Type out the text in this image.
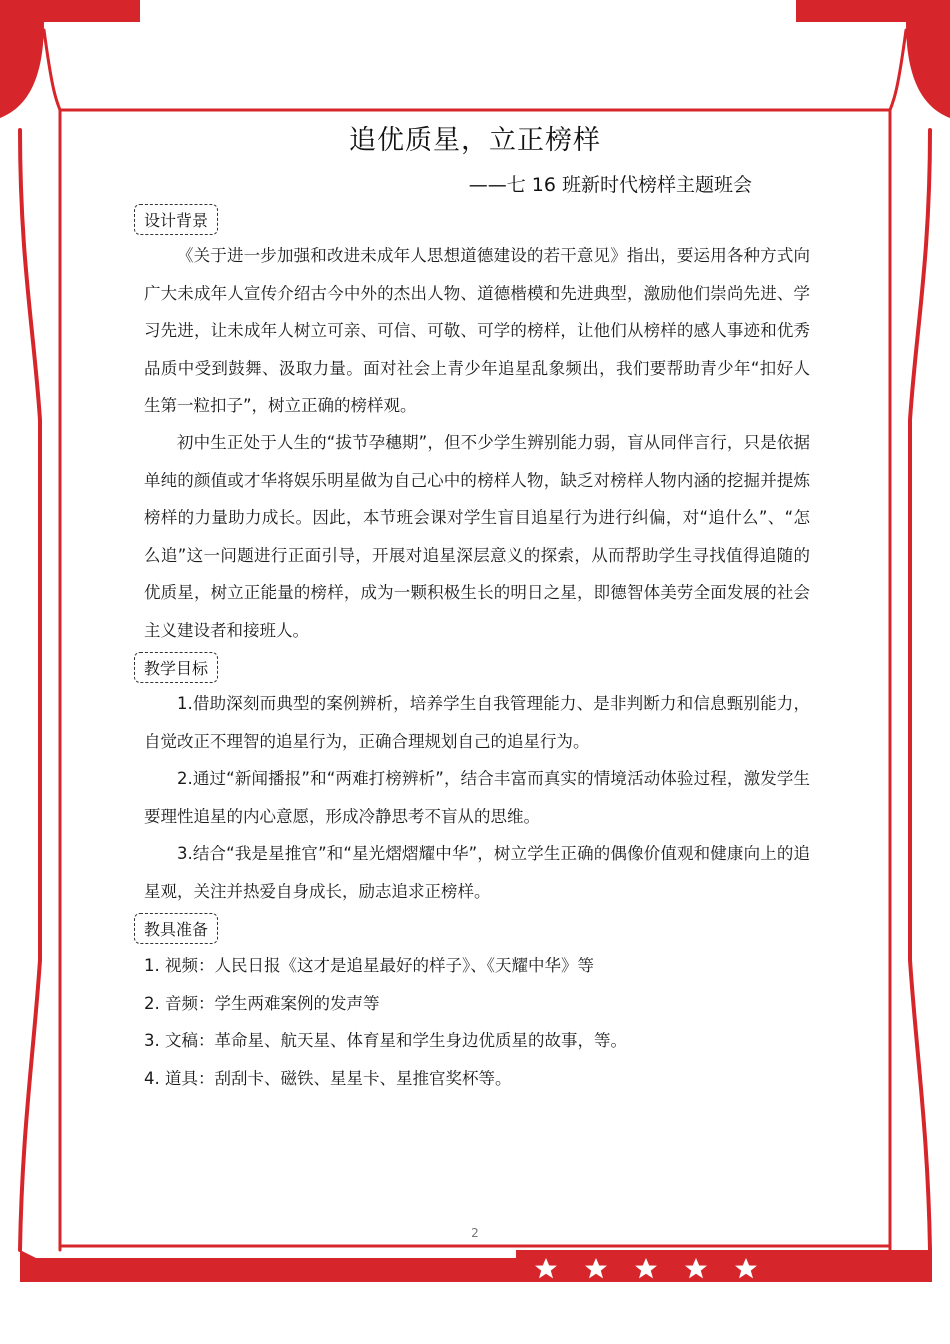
追优质星，立正榜样
——七 16 班新时代榜样主题班会
设计背景

《关于进一步加强和改进未成年人思想道德建设的若干意见》指出，要运用各种方式向广大未成年人宣传介绍古今中外的杰出人物、道德楷模和先进典型，激励他们崇尚先进、学习先进，让未成年人树立可亲、可信、可敬、可学的榜样，让他们从榜样的感人事迹和优秀品质中受到鼓舞、汲取力量。面对社会上青少年追星乱象频出，我们要帮助青少年“扣好人生第一粒扣子”，树立正确的榜样观。

初中生正处于人生的“拔节孕穗期”，但不少学生辨别能力弱，盲从同伴言行，只是依据单纯的颜值或才华将娱乐明星做为自己心中的榜样人物，缺乏对榜样人物内涵的挖掘并提炼榜样的力量助力成长。因此，本节班会课对学生盲目追星行为进行纠偏，对“追什么”、“怎么追”这一问题进行正面引导，开展对追星深层意义的探索，从而帮助学生寻找值得追随的优质星，树立正能量的榜样，成为一颗积极生长的明日之星，即德智体美劳全面发展的社会主义建设者和接班人。

教学目标

1.借助深刻而典型的案例辨析，培养学生自我管理能力、是非判断力和信息甄别能力，自觉改正不理智的追星行为，正确合理规划自己的追星行为。

2.通过“新闻播报”和“两难打榜辨析”，结合丰富而真实的情境活动体验过程，激发学生要理性追星的内心意愿，形成冷静思考不盲从的思维。

3.结合“我是星推官”和“星光熠熠耀中华”，树立学生正确的偶像价值观和健康向上的追星观，关注并热爱自身成长，励志追求正榜样。

教具准备
1. 视频：人民日报《这才是追星最好的样子》、《天耀中华》等
2. 音频：学生两难案例的发声等
3. 文稿：革命星、航天星、体育星和学生身边优质星的故事，等。
4. 道具：刮刮卡、磁铁、星星卡、星推官奖杯等。
2
